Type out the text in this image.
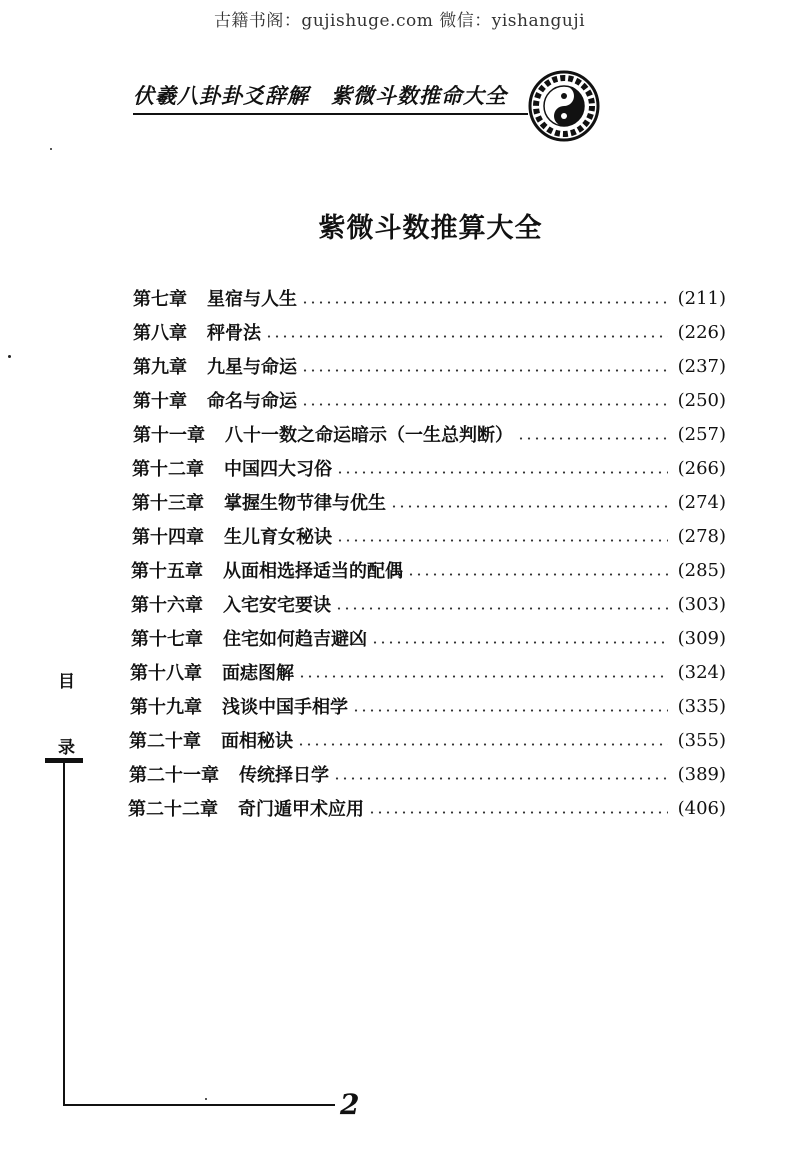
古籍书阁：gujishuge.com 微信：yishanguji
伏羲八卦卦爻辞解 紫微斗数推命大全
紫微斗数推算大全
第七章 星宿与人生	(211)
第八章 秤骨法	(226)
第九章 九星与命运	(237)
第十章 命名与命运	(250)
第十一章 八十一数之命运暗示（一生总判断）	(257)
第十二章 中国四大习俗	(266)
第十三章 掌握生物节律与优生	(274)
第十四章 生儿育女秘诀	(278)
第十五章 从面相选择适当的配偶	(285)
第十六章 入宅安宅要诀	(303)
第十七章 住宅如何趋吉避凶	(309)
第十八章 面痣图解	(324)
第十九章 浅谈中国手相学	(335)
第二十章 面相秘诀	(355)
第二十一章 传统择日学	(389)
第二十二章 奇门遁甲术应用	(406)
目
录
2
